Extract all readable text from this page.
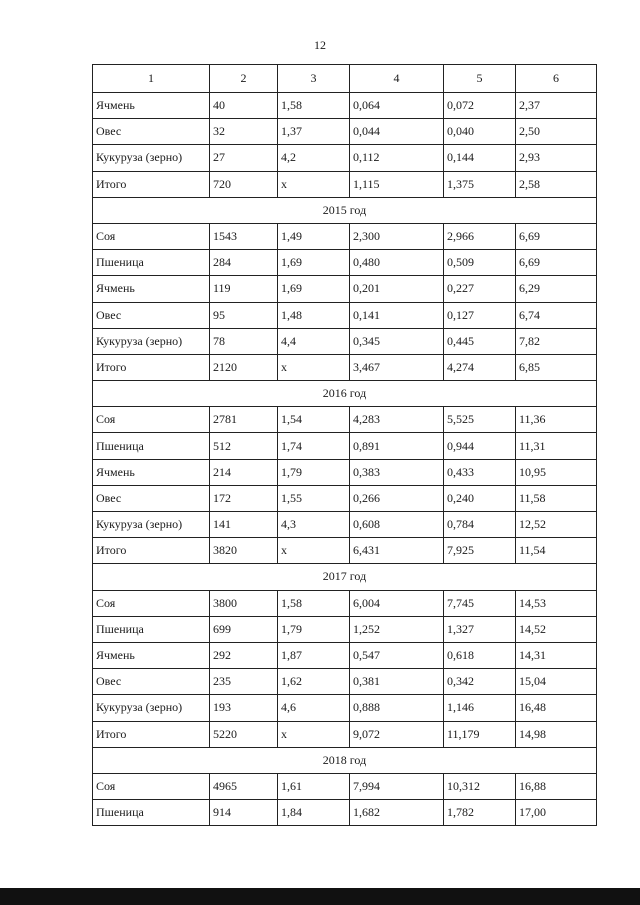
12
1	2	3	4	5	6
Ячмень	40	1,58	0,064	0,072	2,37
Овес	32	1,37	0,044	0,040	2,50
Кукуруза (зерно)	27	4,2	0,112	0,144	2,93
Итого	720	x	1,115	1,375	2,58
2015 год					
Соя	1543	1,49	2,300	2,966	6,69
Пшеница	284	1,69	0,480	0,509	6,69
Ячмень	119	1,69	0,201	0,227	6,29
Овес	95	1,48	0,141	0,127	6,74
Кукуруза (зерно)	78	4,4	0,345	0,445	7,82
Итого	2120	x	3,467	4,274	6,85
2016 год					
Соя	2781	1,54	4,283	5,525	11,36
Пшеница	512	1,74	0,891	0,944	11,31
Ячмень	214	1,79	0,383	0,433	10,95
Овес	172	1,55	0,266	0,240	11,58
Кукуруза (зерно)	141	4,3	0,608	0,784	12,52
Итого	3820	x	6,431	7,925	11,54
2017 год					
Соя	3800	1,58	6,004	7,745	14,53
Пшеница	699	1,79	1,252	1,327	14,52
Ячмень	292	1,87	0,547	0,618	14,31
Овес	235	1,62	0,381	0,342	15,04
Кукуруза (зерно)	193	4,6	0,888	1,146	16,48
Итого	5220	x	9,072	11,179	14,98
2018 год					
Соя	4965	1,61	7,994	10,312	16,88
Пшеница	914	1,84	1,682	1,782	17,00
